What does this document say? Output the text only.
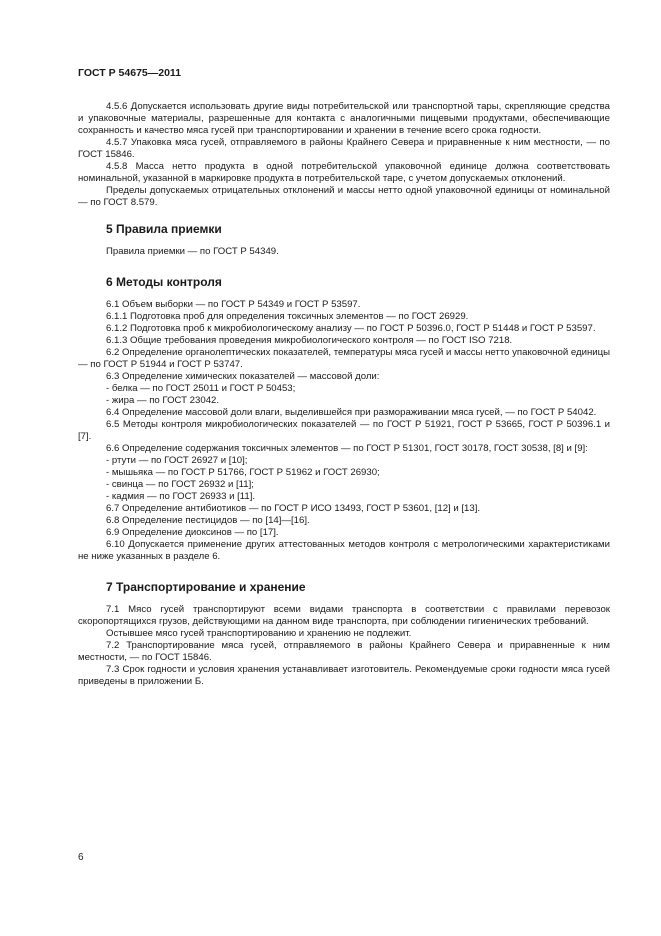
ГОСТ Р 54675—2011

4.5.6 Допускается использовать другие виды потребительской или транспортной тары, скрепляющие средства и упаковочные материалы, разрешенные для контакта с аналогичными пищевыми продуктами, обеспечивающие сохранность и качество мяса гусей при транспортировании и хранении в течение всего срока годности.

4.5.7 Упаковка мяса гусей, отправляемого в районы Крайнего Севера и приравненные к ним местности, — по ГОСТ 15846.

4.5.8 Масса нетто продукта в одной потребительской упаковочной единице должна соответствовать номинальной, указанной в маркировке продукта в потребительской таре, с учетом допускаемых отклонений.

Пределы допускаемых отрицательных отклонений и массы нетто одной упаковочной единицы от номинальной — по ГОСТ 8.579.

5 Правила приемки

Правила приемки — по ГОСТ Р 54349.

6 Методы контроля

6.1 Объем выборки — по ГОСТ Р 54349 и ГОСТ Р 53597.

6.1.1 Подготовка проб для определения токсичных элементов — по ГОСТ 26929.

6.1.2 Подготовка проб к микробиологическому анализу — по ГОСТ Р 50396.0, ГОСТ Р 51448 и ГОСТ Р 53597.

6.1.3 Общие требования проведения микробиологического контроля — по ГОСТ ISO 7218.

6.2 Определение органолептических показателей, температуры мяса гусей и массы нетто упаковочной единицы — по ГОСТ Р 51944 и ГОСТ Р 53747.

6.3 Определение химических показателей — массовой доли:

- белка — по ГОСТ 25011 и ГОСТ Р 50453;

- жира — по ГОСТ 23042.

6.4 Определение массовой доли влаги, выделившейся при размораживании мяса гусей, — по ГОСТ Р 54042.

6.5 Методы контроля микробиологических показателей — по ГОСТ Р 51921, ГОСТ Р 53665, ГОСТ Р 50396.1 и [7].

6.6 Определение содержания токсичных элементов — по ГОСТ Р 51301, ГОСТ 30178, ГОСТ 30538, [8] и [9]:

- ртути — по ГОСТ 26927 и [10];

- мышьяка — по ГОСТ Р 51766, ГОСТ Р 51962 и ГОСТ 26930;

- свинца — по ГОСТ 26932 и [11];

- кадмия — по ГОСТ 26933 и [11].

6.7 Определение антибиотиков — по ГОСТ Р ИСО 13493, ГОСТ Р 53601, [12] и [13].

6.8 Определение пестицидов — по [14]—[16].

6.9 Определение диоксинов — по [17].

6.10 Допускается применение других аттестованных методов контроля с метрологическими характеристиками не ниже указанных в разделе 6.

7 Транспортирование и хранение

7.1 Мясо гусей транспортируют всеми видами транспорта в соответствии с правилами перевозок скоропортящихся грузов, действующими на данном виде транспорта, при соблюдении гигиенических требований.

Остывшее мясо гусей транспортированию и хранению не подлежит.

7.2 Транспортирование мяса гусей, отправляемого в районы Крайнего Севера и приравненные к ним местности, — по ГОСТ 15846.

7.3 Срок годности и условия хранения устанавливает изготовитель. Рекомендуемые сроки годности мяса гусей приведены в приложении Б.

6
